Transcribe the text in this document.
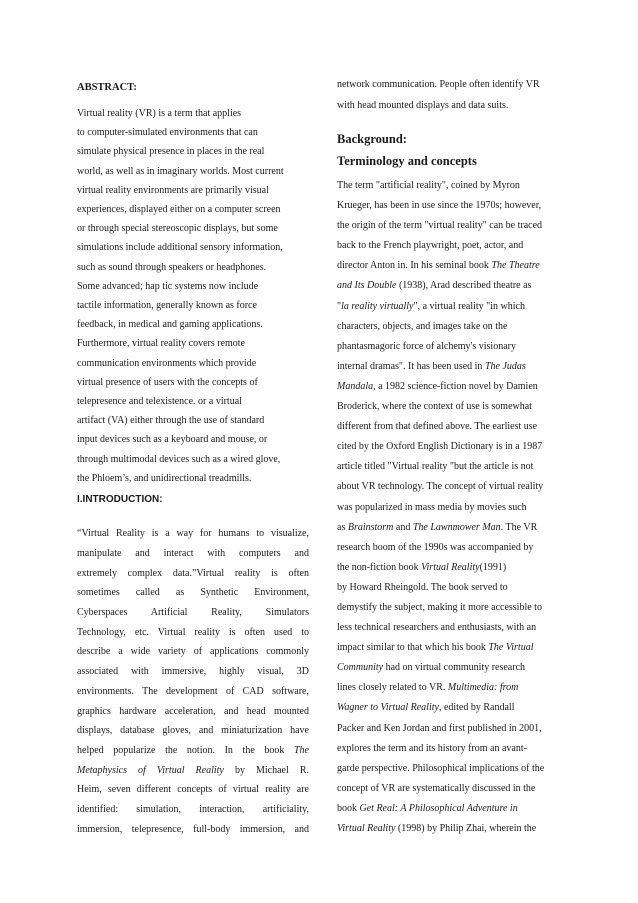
ABSTRACT:

Virtual reality (VR) is a term that applies

to computer-simulated environments that can

simulate physical presence in places in the real

world, as well as in imaginary worlds. Most current

virtual reality environments are primarily visual

experiences, displayed either on a computer screen

or through special stereoscopic displays, but some

simulations include additional sensory information,

such as sound through speakers or headphones.

Some advanced; hap tic systems now include

tactile information, generally known as force

feedback, in medical and gaming applications.

Furthermore, virtual reality covers remote

communication environments which provide

virtual presence of users with the concepts of

telepresence and telexistence. or a virtual

artifact (VA) either through the use of standard

input devices such as a keyboard and mouse, or

through multimodal devices such as a wired glove,

the Phloem’s, and unidirectional treadmills.

I.INTRODUCTION:

“Virtual Reality is a way for humans to visualize,

manipulate and interact with computers and

extremely complex data.”Virtual reality is often

sometimes called as Synthetic Environment,

Cyberspaces Artificial Reality, Simulators

Technology, etc. Virtual reality is often used to

describe a wide variety of applications commonly

associated with immersive, highly visual, 3D

environments. The development of CAD software,

graphics hardware acceleration, and head mounted

displays, database gloves, and miniaturization have

helped popularize the notion. In the book The

Metaphysics of Virtual Reality by Michael R.

Heim, seven different concepts of virtual reality are

identified: simulation, interaction, artificiality,

immersion, telepresence, full-body immersion, and

network communication. People often identify VR

with head mounted displays and data suits.

Background:
Terminology and concepts

The term "artificial reality", coined by Myron

Krueger, has been in use since the 1970s; however,

the origin of the term "virtual reality" can be traced

back to the French playwright, poet, actor, and

director Anton in. In his seminal book The Theatre

and Its Double (1938), Arad described theatre as

"la reality virtually", a virtual reality "in which

characters, objects, and images take on the

phantasmagoric force of alchemy's visionary

internal dramas". It has been used in The Judas

Mandala, a 1982 science-fiction novel by Damien

Broderick, where the context of use is somewhat

different from that defined above. The earliest use

cited by the Oxford English Dictionary is in a 1987

article titled "Virtual reality "but the article is not

about VR technology. The concept of virtual reality

was popularized in mass media by movies such

as Brainstorm and The Lawnmower Man. The VR

research boom of the 1990s was accompanied by

the non-fiction book Virtual Reality(1991)

by Howard Rheingold. The book served to

demystify the subject, making it more accessible to

less technical researchers and enthusiasts, with an

impact similar to that which his book The Virtual

Community had on virtual community research

lines closely related to VR. Multimedia: from

Wagner to Virtual Reality, edited by Randall

Packer and Ken Jordan and first published in 2001,

explores the term and its history from an avant-

garde perspective. Philosophical implications of the

concept of VR are systematically discussed in the

book Get Real: A Philosophical Adventure in

Virtual Reality (1998) by Philip Zhai, wherein the
